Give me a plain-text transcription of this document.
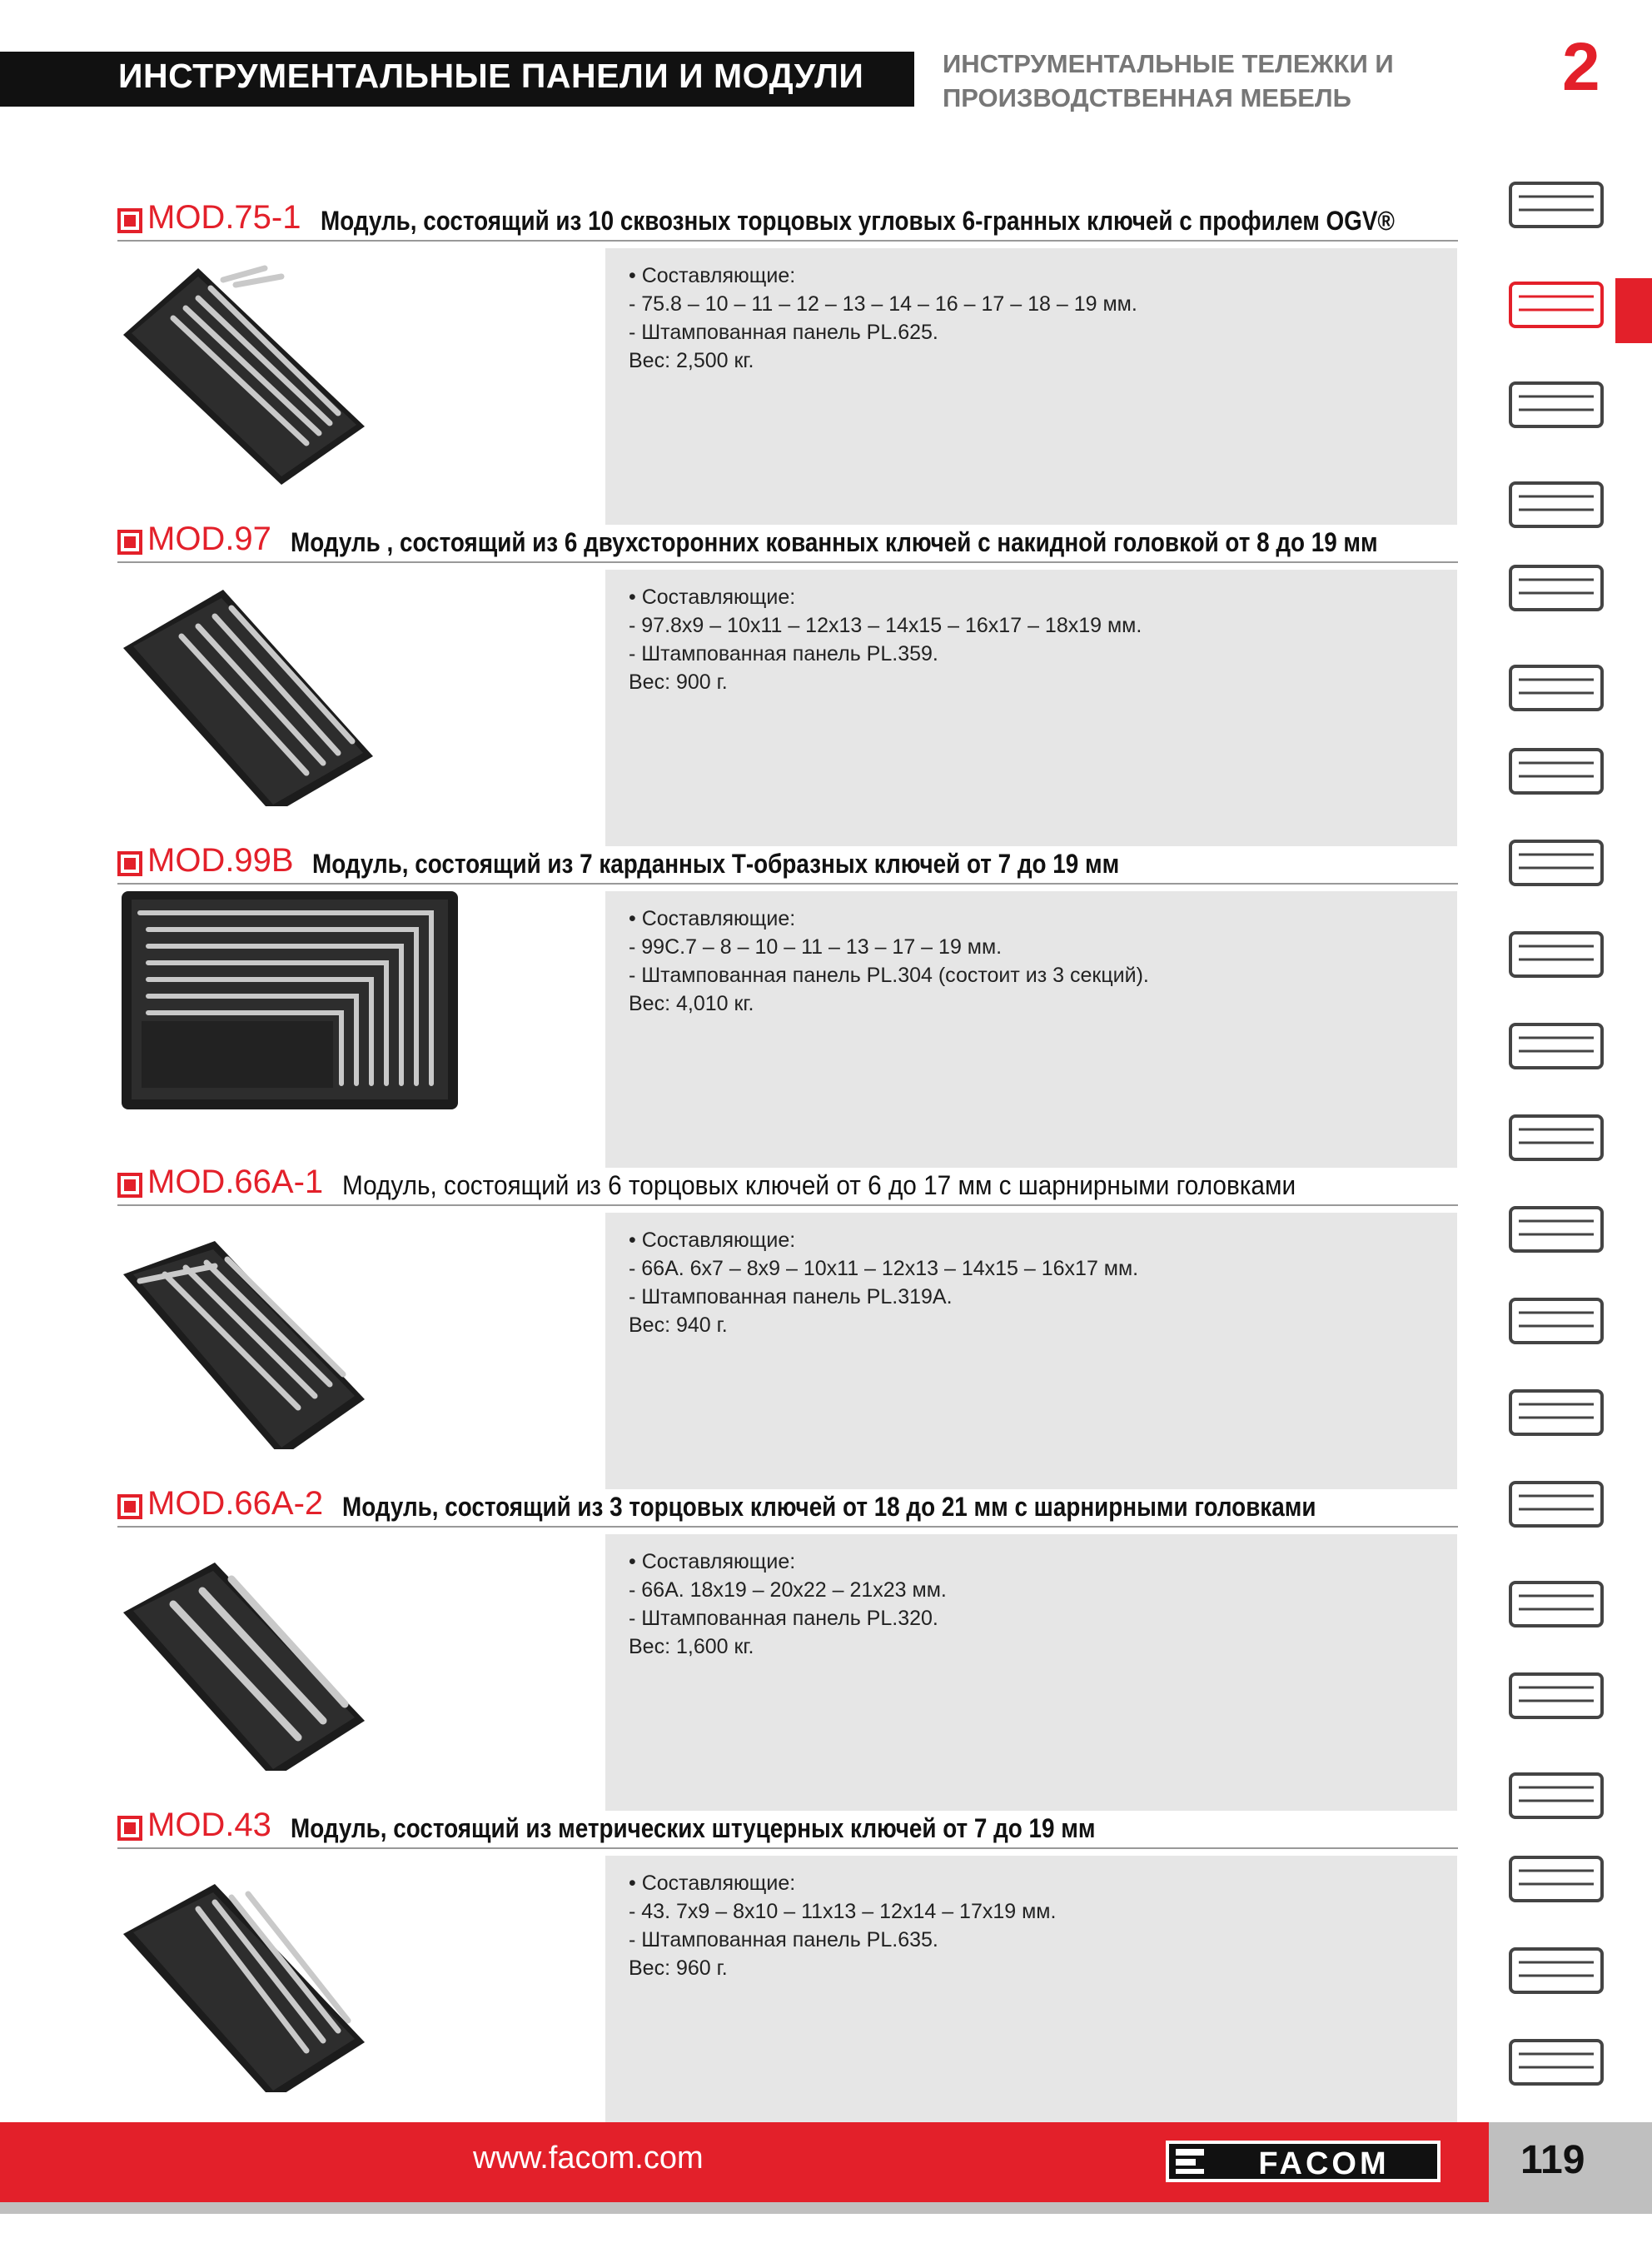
ИНСТРУМЕНТАЛЬНЫЕ ПАНЕЛИ И МОДУЛИ	ИНСТРУМЕНТАЛЬНЫЕ ТЕЛЕЖКИ И
ПРОИЗВОДСТВЕННАЯ МЕБЕЛЬ	2
MOD.75-1 Модуль, состоящий из 10 сквозных торцовых угловых 6-гранных ключей с профилем OGV®
• Составляющие:
- 75.8 – 10 – 11 – 12 – 13 – 14 – 16 – 17 – 18 – 19 мм.
- Штампованная панель PL.625.
Вес: 2,500 кг.
MOD.97 Модуль , состоящий из 6 двухсторонних кованных ключей с накидной головкой от 8 до 19 мм
• Составляющие:
- 97.8x9 – 10x11 – 12x13 – 14x15 – 16x17 – 18x19 мм.
- Штампованная панель PL.359.
Вес: 900 г.
MOD.99B Модуль, состоящий из 7 карданных Т-образных ключей от 7 до 19 мм
• Составляющие:
- 99C.7 – 8 – 10 – 11 – 13 – 17 – 19 мм.
- Штампованная панель PL.304 (состоит из 3 секций).
Вес: 4,010 кг.
MOD.66A-1 Модуль, состоящий из 6 торцовых ключей от 6 до 17 мм с шарнирными головками
• Составляющие:
- 66A. 6x7 – 8x9 – 10x11 – 12x13 – 14x15 – 16x17 мм.
- Штампованная панель PL.319A.
Вес: 940 г.
MOD.66A-2 Модуль, состоящий из 3 торцовых ключей от 18 до 21 мм с шарнирными головками
• Составляющие:
- 66A. 18x19 – 20x22 – 21x23 мм.
- Штампованная панель PL.320.
Вес: 1,600 кг.
MOD.43 Модуль, состоящий из метрических штуцерных ключей от 7 до 19 мм
• Составляющие:
- 43. 7x9 – 8x10 – 11x13 – 12x14 – 17x19 мм.
- Штампованная панель PL.635.
Вес: 960 г.
www.facom.com	FACOM	119
